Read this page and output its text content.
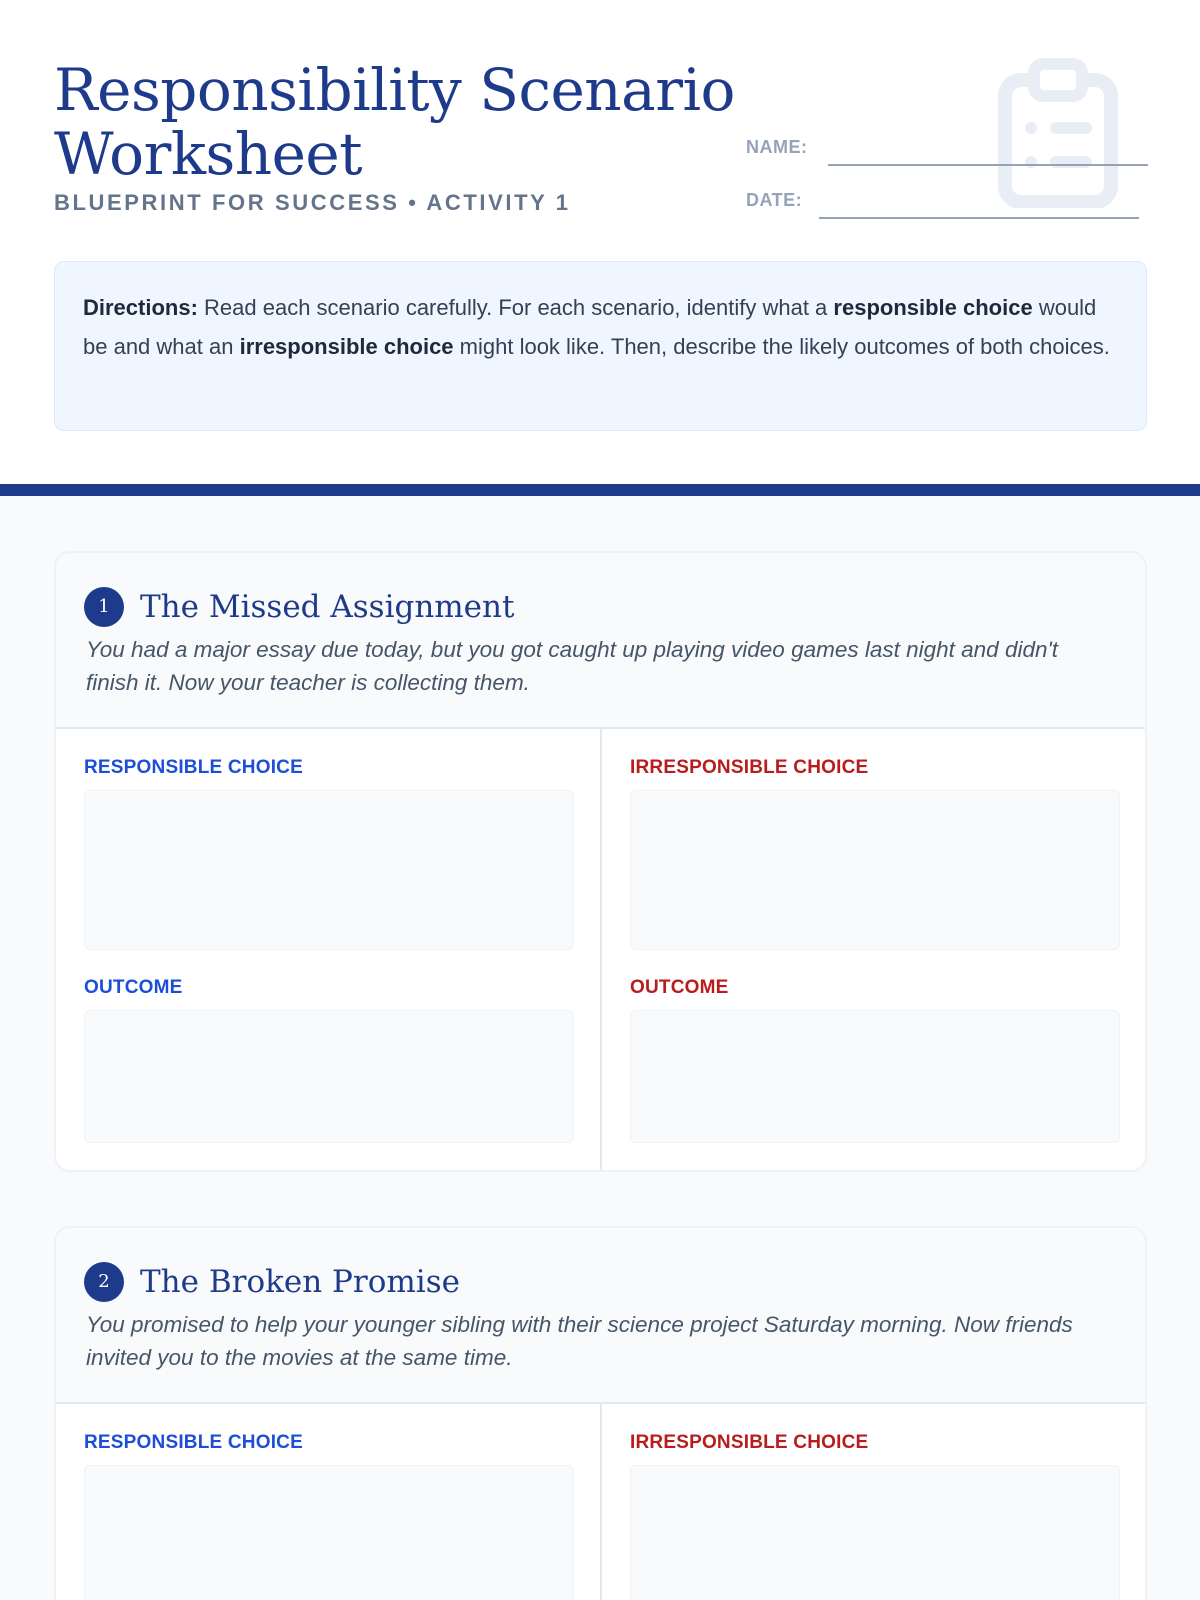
Responsibility Scenario Worksheet
BLUEPRINT FOR SUCCESS • ACTIVITY 1
NAME:
DATE:
Directions: Read each scenario carefully. For each scenario, identify what a responsible choice would be and what an irresponsible choice might look like. Then, describe the likely outcomes of both choices.
1 The Missed Assignment
You had a major essay due today, but you got caught up playing video games last night and didn't finish it. Now your teacher is collecting them.
RESPONSIBLE CHOICE
OUTCOME
IRRESPONSIBLE CHOICE
OUTCOME
2 The Broken Promise
You promised to help your younger sibling with their science project Saturday morning. Now friends invited you to the movies at the same time.
RESPONSIBLE CHOICE	IRRESPONSIBLE CHOICE
